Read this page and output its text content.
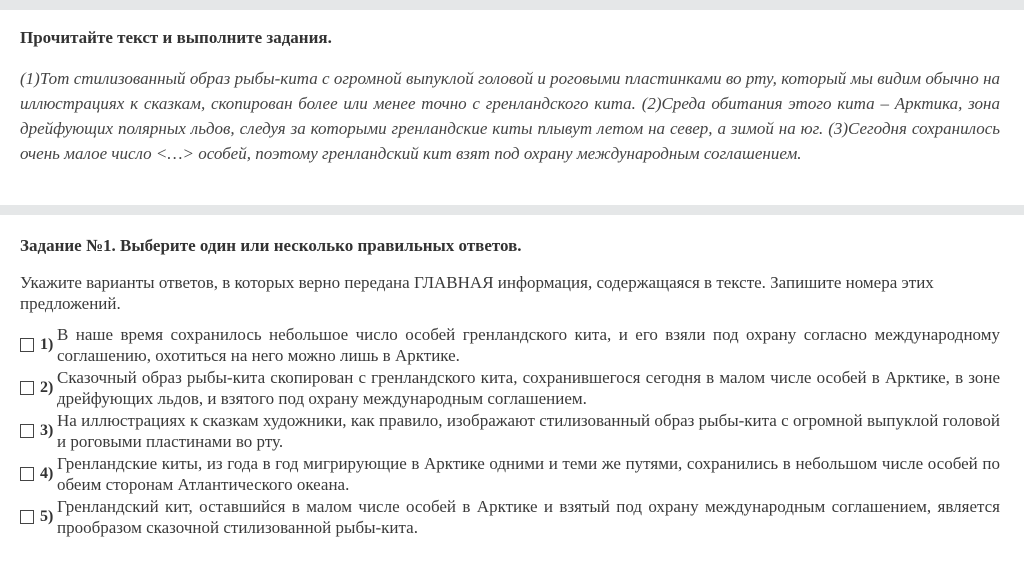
Прочитайте текст и выполните задания.

(1)Тот стилизованный образ рыбы-кита с огромной выпуклой головой и роговыми пластинками во рту, который мы видим обычно на иллюстрациях к сказкам, скопирован более или менее точно с гренландского кита. (2)Среда обитания этого кита – Арктика, зона дрейфующих полярных льдов, следуя за которыми гренландские киты плывут летом на север, а зимой на юг. (3)Сегодня сохранилось очень малое число <…> особей, поэтому гренландский кит взят под охрану международным соглашением.

Задание №1. Выберите один или несколько правильных ответов.

Укажите варианты ответов, в которых верно передана ГЛАВНАЯ информация, содержащаяся в тексте. Запишите номера этих предложений.

1)
В наше время сохранилось небольшое число особей гренландского кита, и его взяли под охрану согласно международному соглашению, охотиться на него можно лишь в Арктике.
2)
Сказочный образ рыбы-кита скопирован с гренландского кита, сохранившегося сегодня в малом числе особей в Арктике, в зоне дрейфующих льдов, и взятого под охрану международным соглашением.
3)
На иллюстрациях к сказкам художники, как правило, изображают стилизованный образ рыбы-кита с огромной выпуклой головой и роговыми пластинами во рту.
4)
Гренландские киты, из года в год мигрирующие в Арктике одними и теми же путями, сохранились в небольшом числе особей по обеим сторонам Атлантического океана.
5)
Гренландский кит, оставшийся в малом числе особей в Арктике и взятый под охрану международным соглашением, является прообразом сказочной стилизованной рыбы-кита.
